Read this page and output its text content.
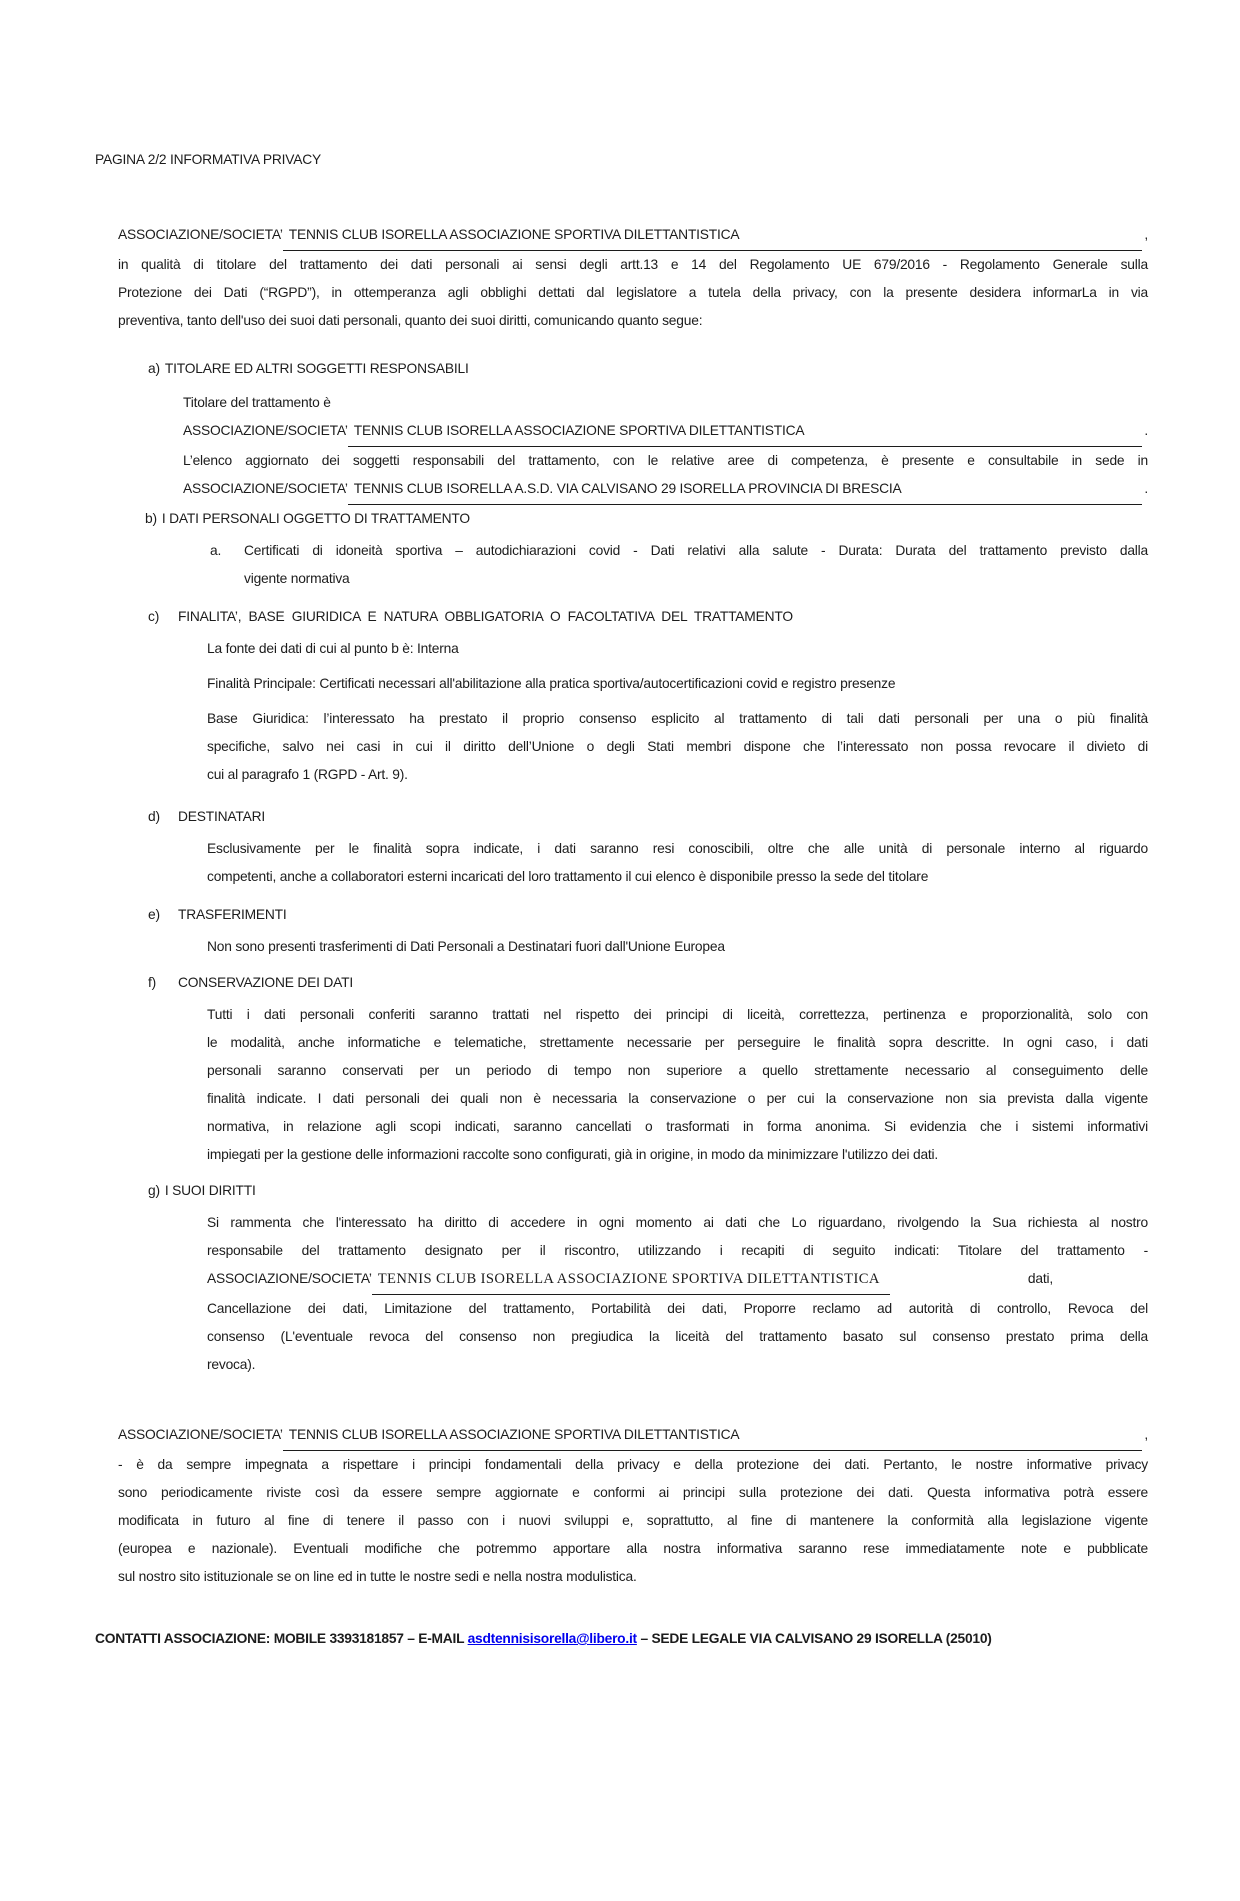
PAGINA 2/2 INFORMATIVA PRIVACY
ASSOCIAZIONE/SOCIETA’ TENNIS CLUB ISORELLA ASSOCIAZIONE SPORTIVA DILETTANTISTICA	,
in qualità di titolare del trattamento dei dati personali ai sensi degli artt.13 e 14 del Regolamento UE 679/2016 - Regolamento Generale sulla
Protezione dei Dati (“RGPD”), in ottemperanza agli obblighi dettati dal legislatore a tutela della privacy, con la presente desidera informarLa in via
preventiva, tanto dell'uso dei suoi dati personali, quanto dei suoi diritti, comunicando quanto segue:
a) TITOLARE ED ALTRI SOGGETTI RESPONSABILI
Titolare del trattamento è
ASSOCIAZIONE/SOCIETA’ TENNIS CLUB ISORELLA ASSOCIAZIONE SPORTIVA DILETTANTISTICA	.
L’elenco aggiornato dei soggetti responsabili del trattamento, con le relative aree di competenza, è presente e consultabile in sede in
ASSOCIAZIONE/SOCIETA’ TENNIS CLUB ISORELLA A.S.D. VIA CALVISANO 29 ISORELLA PROVINCIA DI BRESCIA	.
b) I DATI PERSONALI OGGETTO DI TRATTAMENTO
a.	Certificati di idoneità sportiva – autodichiarazioni covid - Dati relativi alla salute - Durata: Durata del trattamento previsto dalla
vigente normativa
c) FINALITA’, BASE GIURIDICA E NATURA OBBLIGATORIA O FACOLTATIVA DEL TRATTAMENTO
La fonte dei dati di cui al punto b è: Interna
Finalità Principale: Certificati necessari all'abilitazione alla pratica sportiva/autocertificazioni covid e registro presenze
Base Giuridica: l’interessato ha prestato il proprio consenso esplicito al trattamento di tali dati personali per una o più finalità
specifiche, salvo nei casi in cui il diritto dell’Unione o degli Stati membri dispone che l’interessato non possa revocare il divieto di
cui al paragrafo 1 (RGPD - Art. 9).
d) DESTINATARI
Esclusivamente per le finalità sopra indicate, i dati saranno resi conoscibili, oltre che alle unità di personale interno al riguardo
competenti, anche a collaboratori esterni incaricati del loro trattamento il cui elenco è disponibile presso la sede del titolare
e) TRASFERIMENTI
Non sono presenti trasferimenti di Dati Personali a Destinatari fuori dall'Unione Europea
f) CONSERVAZIONE DEI DATI
Tutti i dati personali conferiti saranno trattati nel rispetto dei principi di liceità, correttezza, pertinenza e proporzionalità, solo con
le modalità, anche informatiche e telematiche, strettamente necessarie per perseguire le finalità sopra descritte. In ogni caso, i dati
personali saranno conservati per un periodo di tempo non superiore a quello strettamente necessario al conseguimento delle
finalità indicate. I dati personali dei quali non è necessaria la conservazione o per cui la conservazione non sia prevista dalla vigente
normativa, in relazione agli scopi indicati, saranno cancellati o trasformati in forma anonima. Si evidenzia che i sistemi informativi
impiegati per la gestione delle informazioni raccolte sono configurati, già in origine, in modo da minimizzare l'utilizzo dei dati.
g) I SUOI DIRITTI
Si rammenta che l'interessato ha diritto di accedere in ogni momento ai dati che Lo riguardano, rivolgendo la Sua richiesta al nostro
responsabile del trattamento designato per il riscontro, utilizzando i recapiti di seguito indicati: Titolare del trattamento -
ASSOCIAZIONE/SOCIETA’ TENNIS CLUB ISORELLA ASSOCIAZIONE SPORTIVA DILETTANTISTICA	dati,
Cancellazione dei dati, Limitazione del trattamento, Portabilità dei dati, Proporre reclamo ad autorità di controllo, Revoca del
consenso (L'eventuale revoca del consenso non pregiudica la liceità del trattamento basato sul consenso prestato prima della
revoca).
ASSOCIAZIONE/SOCIETA’ TENNIS CLUB ISORELLA ASSOCIAZIONE SPORTIVA DILETTANTISTICA	,
- è da sempre impegnata a rispettare i principi fondamentali della privacy e della protezione dei dati. Pertanto, le nostre informative privacy
sono periodicamente riviste così da essere sempre aggiornate e conformi ai principi sulla protezione dei dati. Questa informativa potrà essere
modificata in futuro al fine di tenere il passo con i nuovi sviluppi e, soprattutto, al fine di mantenere la conformità alla legislazione vigente
(europea e nazionale). Eventuali modifiche che potremmo apportare alla nostra informativa saranno rese immediatamente note e pubblicate
sul nostro sito istituzionale se on line ed in tutte le nostre sedi e nella nostra modulistica.
CONTATTI ASSOCIAZIONE: MOBILE 3393181857 – E-MAIL asdtennisisorella@libero.it – SEDE LEGALE VIA CALVISANO 29 ISORELLA (25010)
